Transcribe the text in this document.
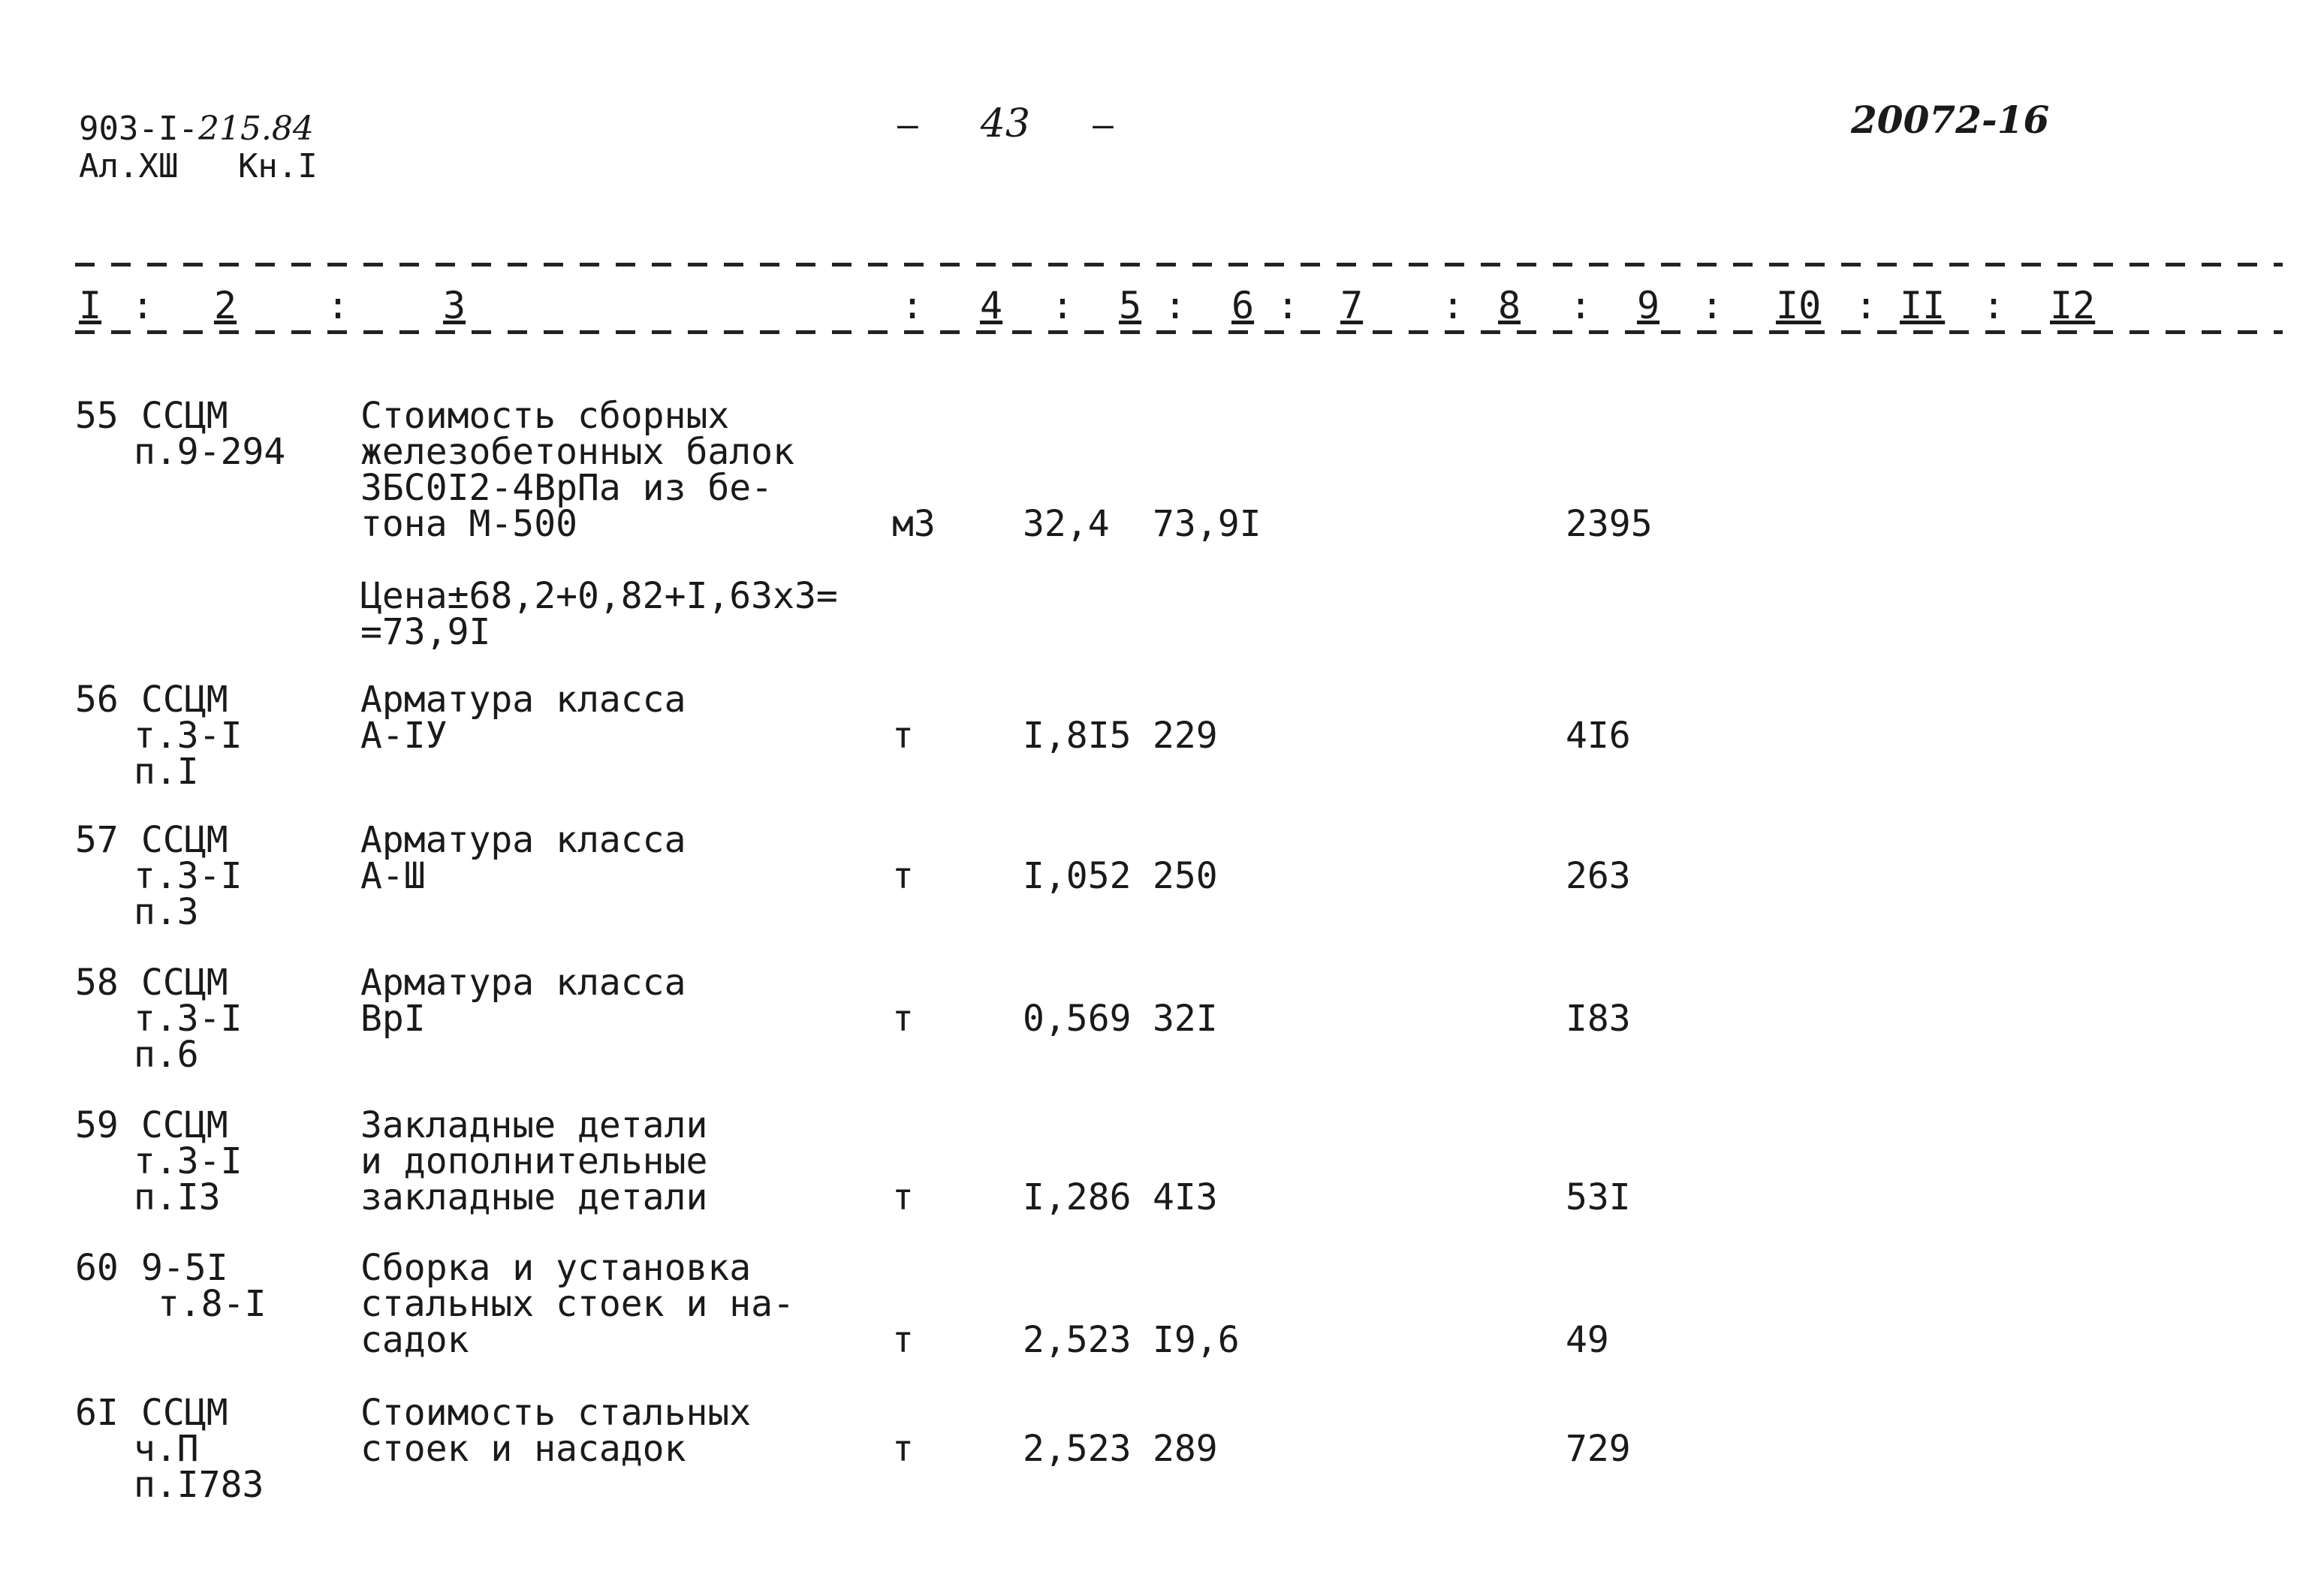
903-I-215.84
Ал.XШ Кн.I
– 43 –	20072-16
I : 2 : 3	: 4 : 5 : 6 : 7 : 8 : 9 : I0 : II : I2
55 ССЦМ
п.9-294
Стоимость сборных
железобетонных балок
3БС0I2-4ВрПа из бе-
тона М-500	м3 32,4 73,9I	2395
Цена±68,2+0,82+I,63х3=
=73,9I
56 ССЦМ
т.3-I
п.I
Арматура класса
А-IУ	т	I,8I5 229	4I6
57 ССЦМ
т.3-I
п.3
Арматура класса
А-Ш	т	I,052 250	263
58 ССЦМ
т.3-I
п.6
Арматура класса
ВрI	т	0,569 32I	I83
59 ССЦМ
т.3-I
п.I3
Закладные детали
и дополнительные
закладные детали	т	I,286 4I3	53I
60 9-5I
т.8-I
Сборка и установка
стальных стоек и на-
садок	т	2,523 I9,6	49
6I ССЦМ
ч.П
п.I783
Стоимость стальных
стоек и насадок	т	2,523 289	729
